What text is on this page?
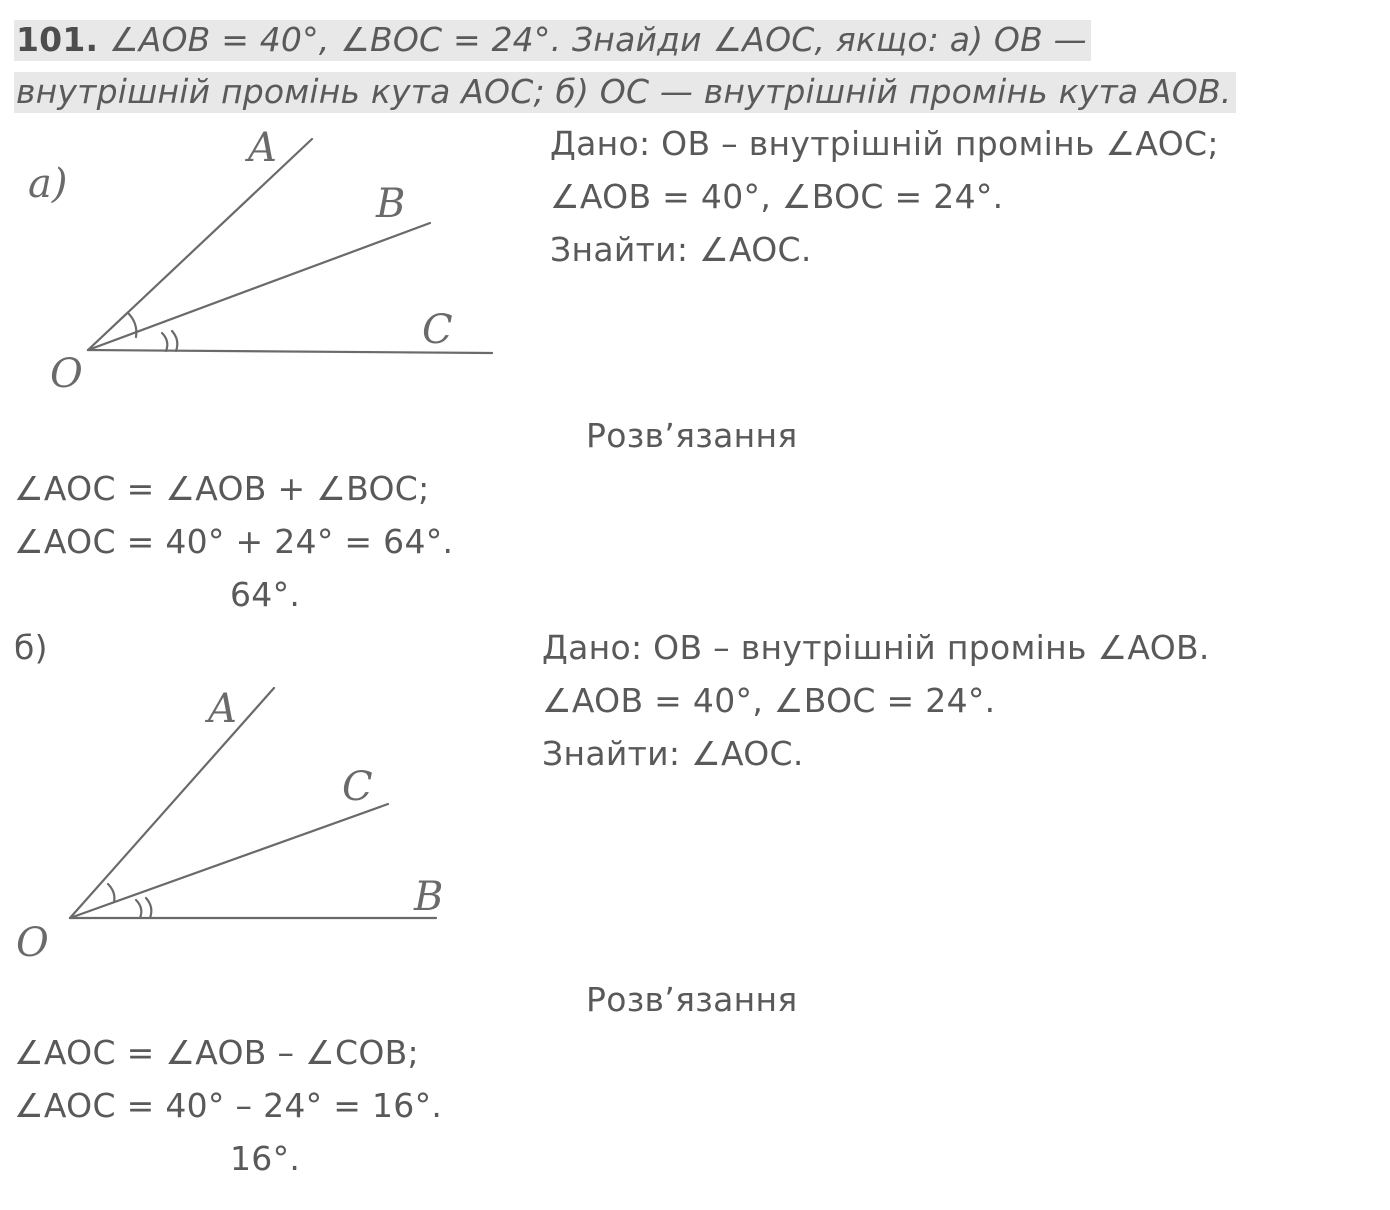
101. ∠AOB = 40°, ∠BOC = 24°. Знайди ∠AOC, якщо: а) OB —
внутрішній промінь кута AOC; б) OC — внутрішній промінь кута AOB.
a)
A
B
C
O
Дано: OB – внутрішній промінь ∠AOC;
∠AOB = 40°, ∠BOC = 24°.
Знайти: ∠AOC.
Розв’язання
∠AOC = ∠AOB + ∠BOC;
∠AOC = 40° + 24° = 64°.
64°.
б)	Дано: OB – внутрішній промінь ∠AOB.
∠AOB = 40°, ∠BOC = 24°.
Знайти: ∠AOC.
A
C
B
O
Розв’язання
∠AOC = ∠AOB – ∠COB;
∠AOC = 40° – 24° = 16°.
16°.
